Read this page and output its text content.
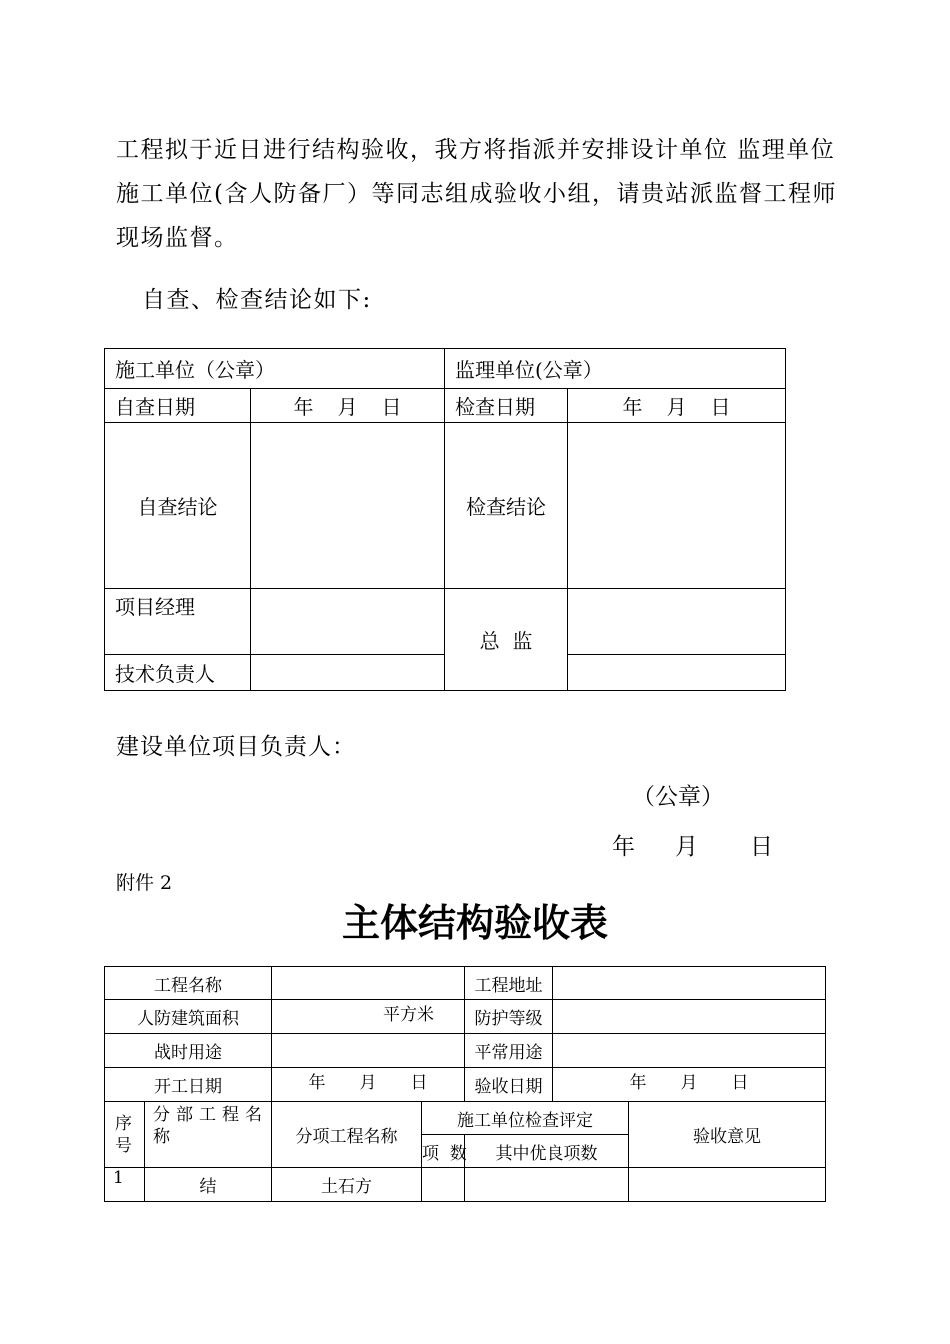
工程拟于近日进行结构验收，我方将指派并安排设计单位 监理单位施工单位(含人防备厂）等同志组成验收小组，请贵站派监督工程师现场监督。
自查、检查结论如下:
施工单位（公章）		监理单位(公章）	
自查日期	年 月 日	检查日期	年 月 日
自查结论		检查结论	
项目经理		总  监	
技术负责人			
建设单位项目负责人：
（公章）
年 月 日
附件 2
主体结构验收表
工程名称				工程地址		
人防建筑面积		平方米		防护等级		
战时用途				平常用途		
开工日期		年 月 日		验收日期	年 月 日	
序号	分部工程名称	分项工程名称	施工单位检查评定			验收意见
			项  数	其中优良项数		
1	结	土石方				
